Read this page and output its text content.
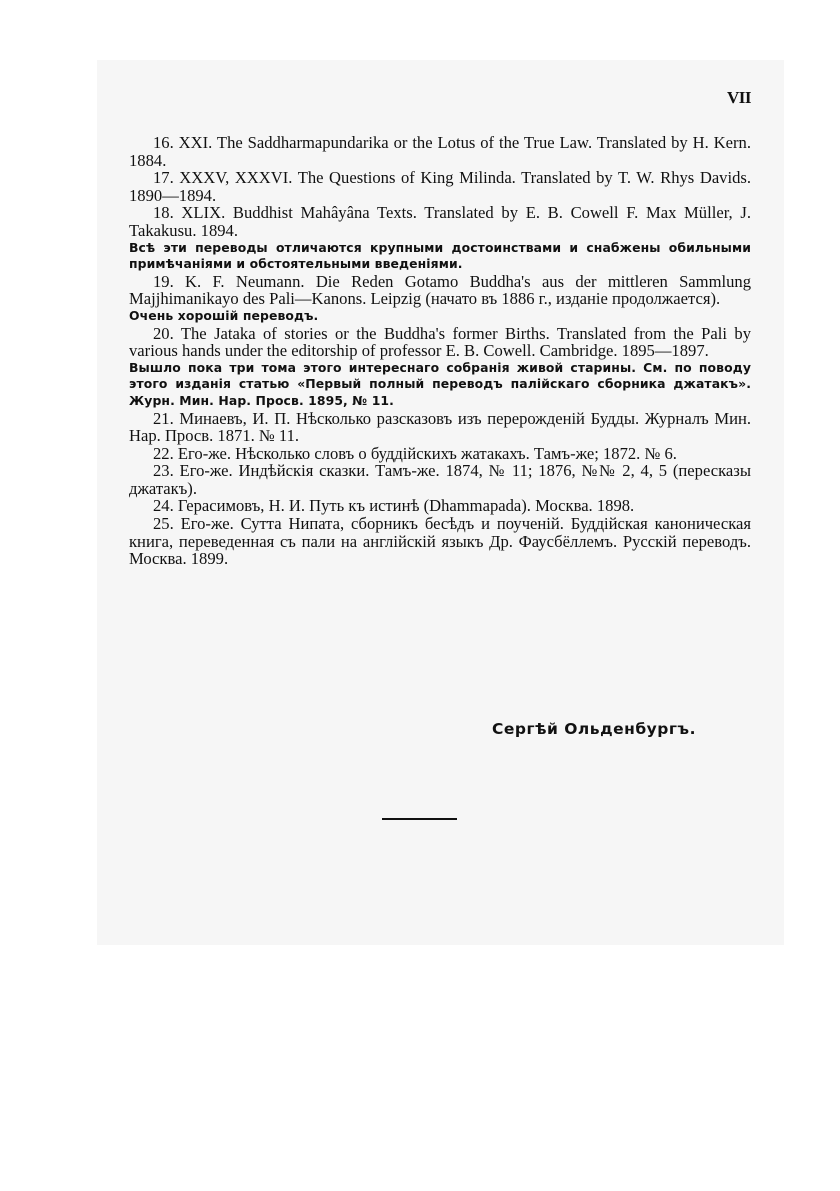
VII

16. XXI. The Saddharmapundarika or the Lotus of the True Law. Translated by H. Kern. 1884.

17. XXXV, XXXVI. The Questions of King Milinda. Translated by T. W. Rhys Davids. 1890—1894.

18. XLIX. Buddhist Mahâyâna Texts. Translated by E. B. Cowell F. Max Müller, J. Takakusu. 1894.

Всѣ эти переводы отличаются крупными достоинствами и снабжены обильными примѣчаніями и обстоятельными введеніями.

19. K. F. Neumann. Die Reden Gotamo Buddha's aus der mittleren Sammlung Majjhimanikayo des Pali—Kanons. Leipzig (начато въ 1886 г., изданіе продолжается).

Очень хорошій переводъ.

20. The Jataka of stories or the Buddha's former Births. Translated from the Pali by various hands under the editorship of professor E. B. Cowell. Cambridge. 1895—1897.

Вышло пока три тома этого интереснаго собранія живой старины. См. по поводу этого изданія статью «Первый полный переводъ палійскаго сборника джатакъ». Журн. Мин. Нар. Просв. 1895, № 11.

21. Минаевъ, И. П. Нѣсколько разсказовъ изъ перерожденій Будды. Журналъ Мин. Нар. Просв. 1871. № 11.

22. Его-же. Нѣсколько словъ о буддійскихъ жатакахъ. Тамъ-же; 1872. № 6.

23. Его-же. Индѣйскія сказки. Тамъ-же. 1874, № 11; 1876, №№ 2, 4, 5 (пересказы джатакъ).

24. Герасимовъ, Н. И. Путь къ истинѣ (Dhammapada). Москва. 1898.

25. Его-же. Сутта Нипата, сборникъ бесѣдъ и поученій. Буддійская каноническая книга, переведенная съ пали на англійскій языкъ Др. Фаусбёллемъ. Русскій переводъ. Москва. 1899.

Сергѣй Ольденбургъ.
